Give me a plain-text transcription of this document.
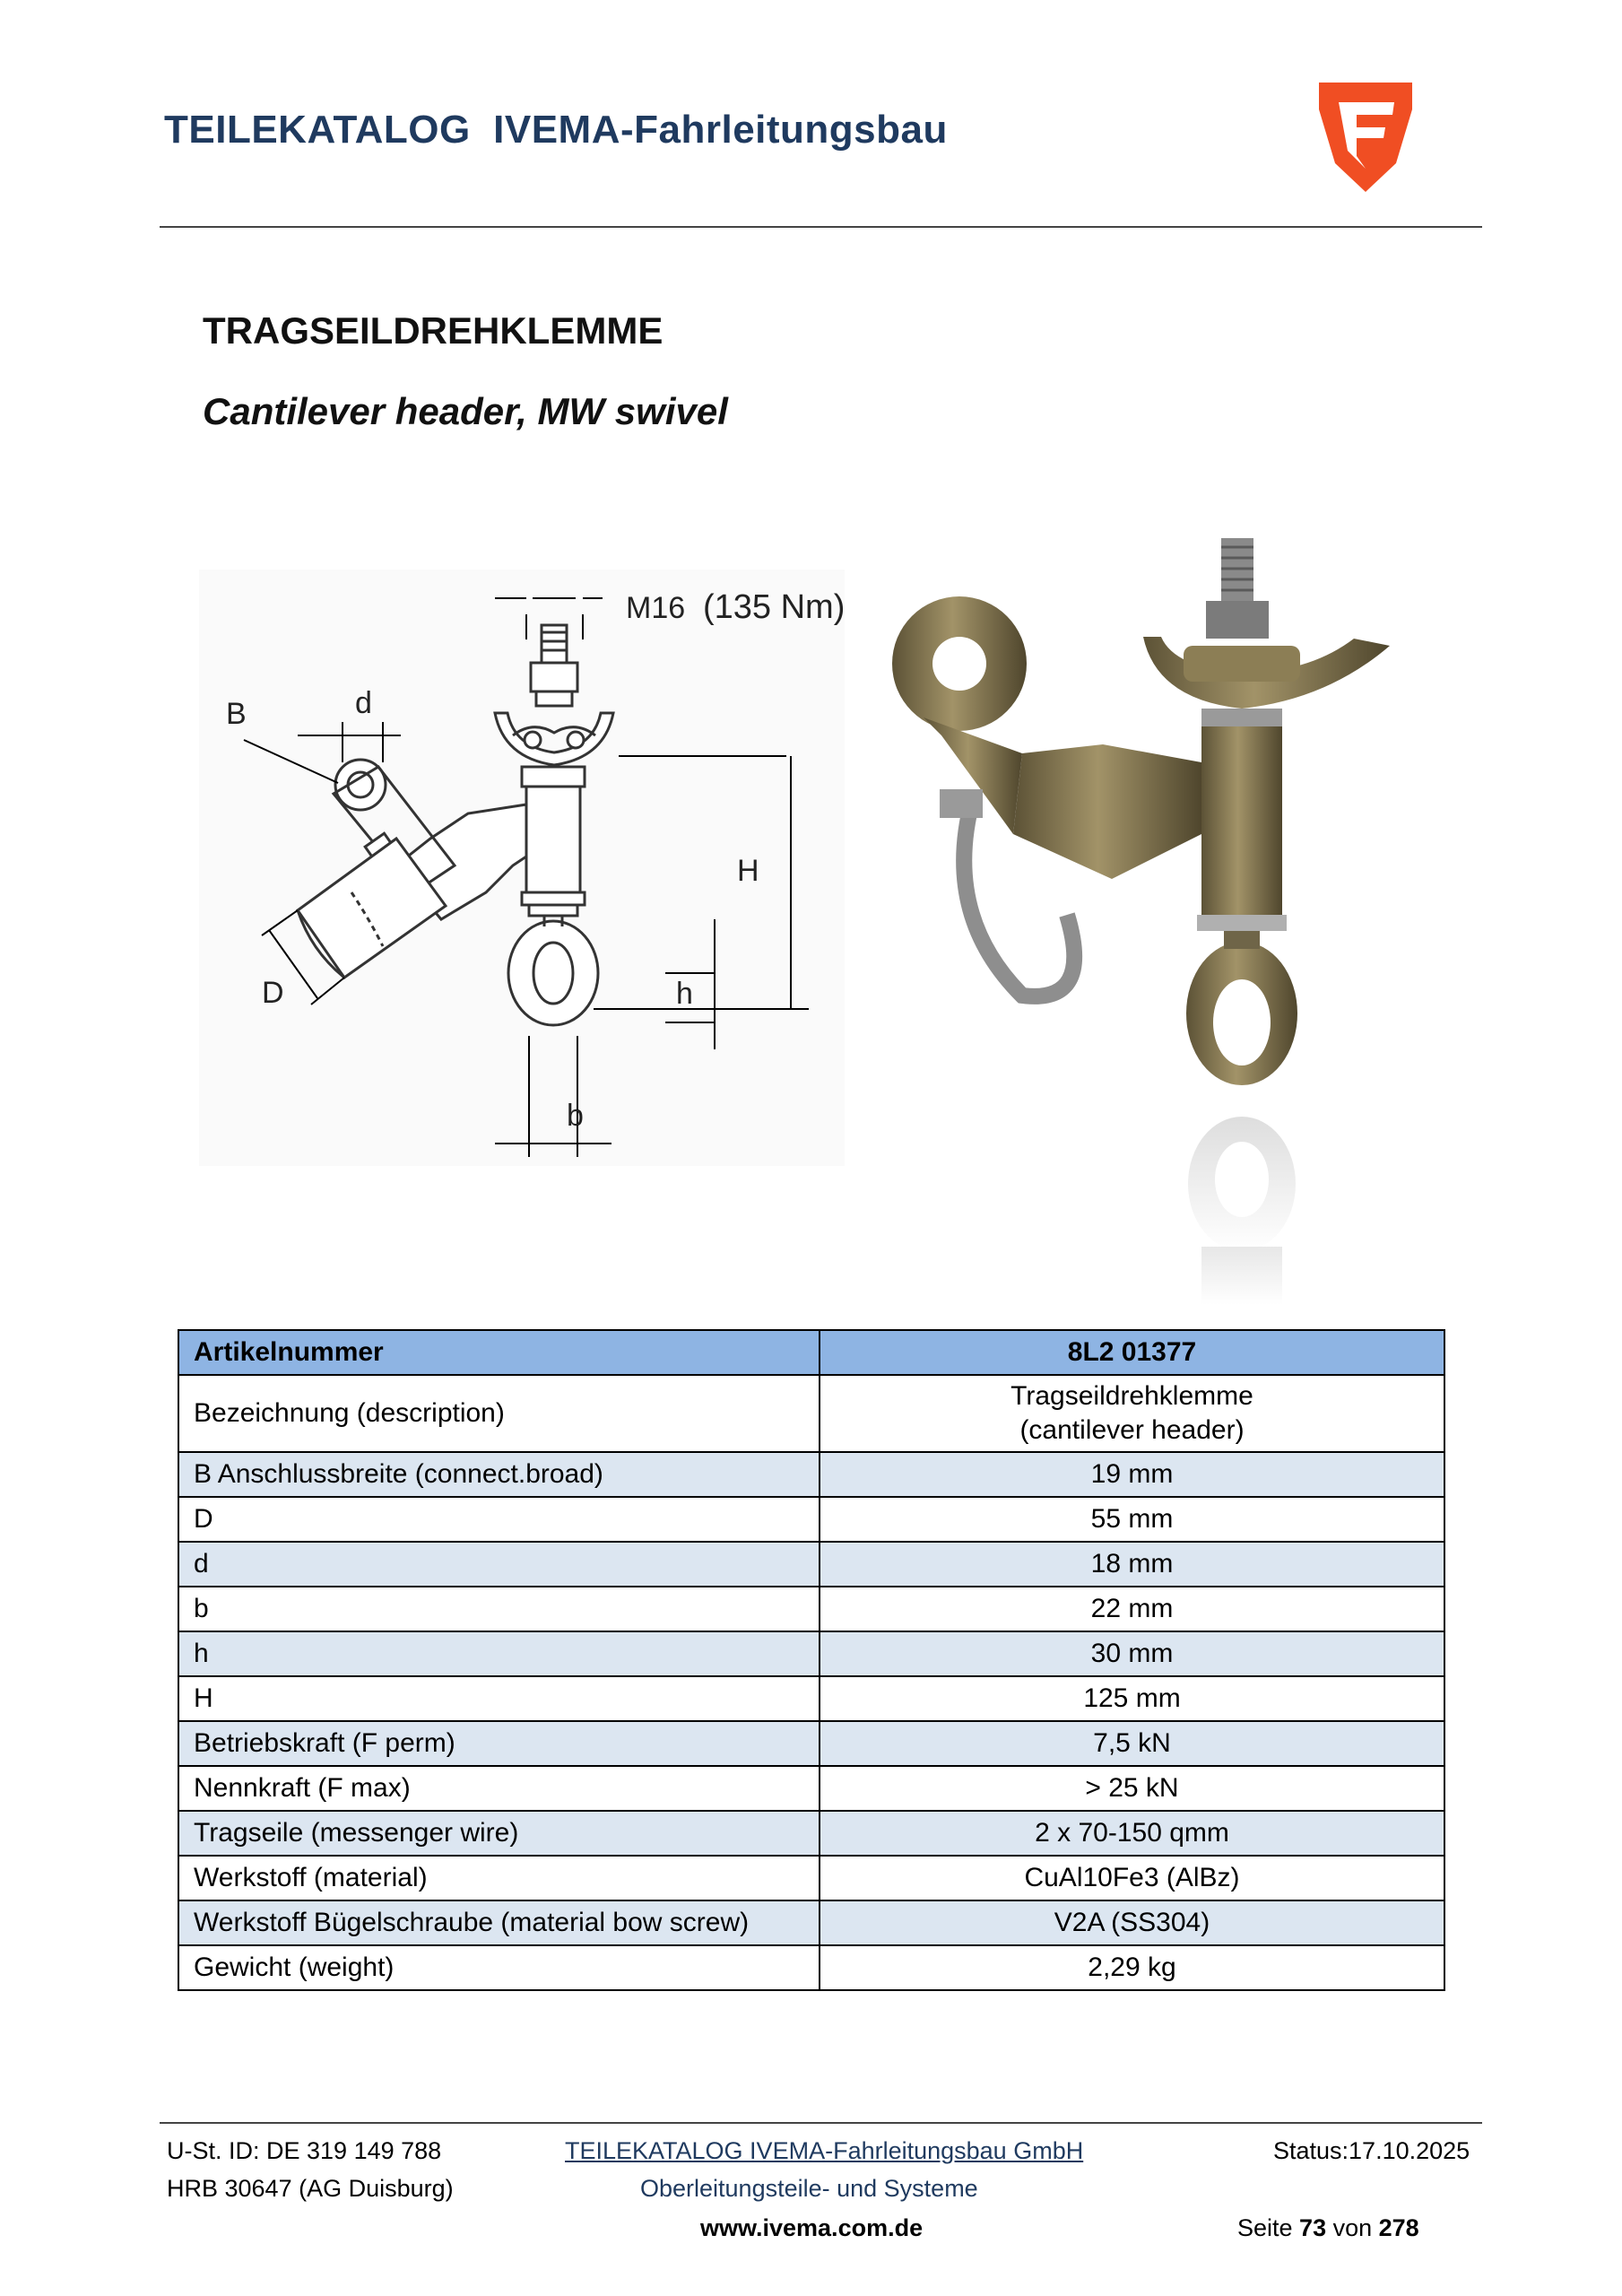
TEILEKATALOG  IVEMA-Fahrleitungsbau
TRAGSEILDREHKLEMME
Cantilever header, MW swivel
M16 (135 Nm)
B	d
D
H
h
b
Artikelnummer	8L2 01377
Bezeichnung (description)	Tragseildrehklemme
(cantilever header)

B Anschlussbreite (connect.broad)	19 mm
D	55 mm
d	18 mm
b	22 mm
h	30 mm
H	125 mm
Betriebskraft (F perm)	7,5 kN
Nennkraft (F max)	> 25 kN
Tragseile (messenger wire)	2 x 70-150 qmm
Werkstoff (material)	CuAl10Fe3 (AlBz)
Werkstoff Bügelschraube (material bow screw)	V2A (SS304)
Gewicht (weight)	2,29 kg
U-St. ID: DE 319 149 788
HRB 30647 (AG Duisburg)
TEILEKATALOG IVEMA-Fahrleitungsbau GmbH
Oberleitungsteile- und Systeme
www.ivema.com.de
Status:17.10.2025
Seite 73 von 278
